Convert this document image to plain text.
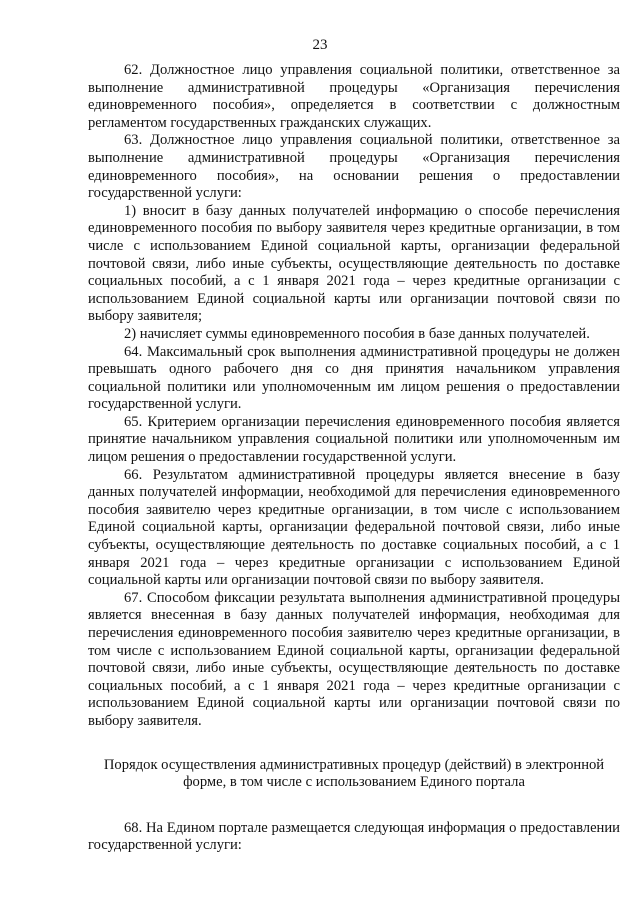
23

62. Должностное лицо управления социальной политики, ответственное за выполнение административной процедуры «Организация перечисления единовременного пособия», определяется в соответствии с должностным регламентом государственных гражданских служащих.

63. Должностное лицо управления социальной политики, ответственное за выполнение административной процедуры «Организация перечисления единовременного пособия», на основании решения о предоставлении государственной услуги:

1) вносит в базу данных получателей информацию о способе перечисления единовременного пособия по выбору заявителя через кредитные организации, в том числе с использованием Единой социальной карты, организации федеральной почтовой связи, либо иные субъекты, осуществляющие деятельность по доставке социальных пособий, а с 1 января 2021 года – через кредитные организации с использованием Единой социальной карты или организации почтовой связи по выбору заявителя;

2) начисляет суммы единовременного пособия в базе данных получателей.

64. Максимальный срок выполнения административной процедуры не должен превышать одного рабочего дня со дня принятия начальником управления социальной политики или уполномоченным им лицом решения о предоставлении государственной услуги.

65. Критерием организации перечисления единовременного пособия является принятие начальником управления социальной политики или уполномоченным им лицом решения о предоставлении государственной услуги.

66. Результатом административной процедуры является внесение в базу данных получателей информации, необходимой для перечисления единовременного пособия заявителю через кредитные организации, в том числе с использованием Единой социальной карты, организации федеральной почтовой связи, либо иные субъекты, осуществляющие деятельность по доставке социальных пособий, а с 1 января 2021 года – через кредитные организации с использованием Единой социальной карты или организации почтовой связи по выбору заявителя.

67. Способом фиксации результата выполнения административной процедуры является внесенная в базу данных получателей информация, необходимая для перечисления единовременного пособия заявителю через кредитные организации, в том числе с использованием Единой социальной карты, организации федеральной почтовой связи, либо иные субъекты, осуществляющие деятельность по доставке социальных пособий, а с 1 января 2021 года – через кредитные организации с использованием Единой социальной карты или организации почтовой связи по выбору заявителя.

Порядок осуществления административных процедур (действий) в электронной форме, в том числе с использованием Единого портала

68. На Едином портале размещается следующая информация о предоставлении государственной услуги:
